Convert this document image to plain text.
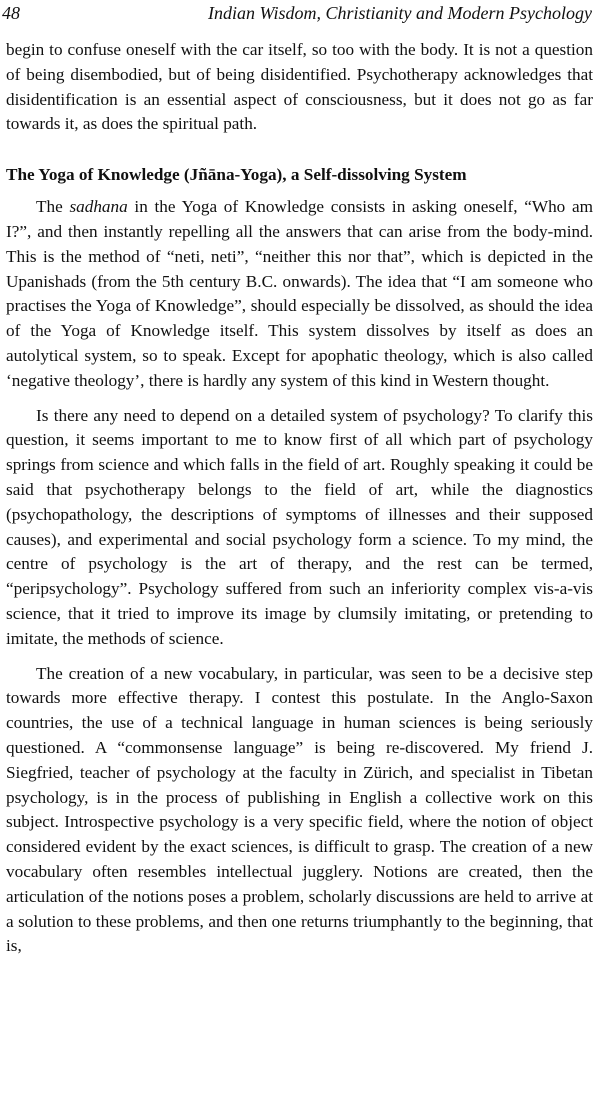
48	Indian Wisdom, Christianity and Modern Psychology

begin to confuse oneself with the car itself, so too with the body. It is not a question of being disembodied, but of being disidentified. Psychotherapy acknowledges that disidentification is an essential aspect of consciousness, but it does not go as far towards it, as does the spiritual path.

The Yoga of Knowledge (Jñāna-Yoga), a Self-dissolving System

The sadhana in the Yoga of Knowledge consists in asking oneself, “Who am I?”, and then instantly repelling all the answers that can arise from the body-mind. This is the method of “neti, neti”, “neither this nor that”, which is depicted in the Upanishads (from the 5th century B.C. onwards). The idea that “I am someone who practises the Yoga of Knowledge”, should especially be dissolved, as should the idea of the Yoga of Knowledge itself. This system dissolves by itself as does an autolytical system, so to speak. Except for apophatic theology, which is also called ‘negative theology’, there is hardly any system of this kind in Western thought.

Is there any need to depend on a detailed system of psychology? To clarify this question, it seems important to me to know first of all which part of psychology springs from science and which falls in the field of art. Roughly speaking it could be said that psychotherapy belongs to the field of art, while the diagnostics (psychopathology, the descriptions of symptoms of illnesses and their supposed causes), and experimental and social psychology form a science. To my mind, the centre of psychology is the art of therapy, and the rest can be termed, “peripsychology”. Psychology suffered from such an inferiority complex vis-a-vis science, that it tried to improve its image by clumsily imitating, or pretending to imitate, the methods of science.

The creation of a new vocabulary, in particular, was seen to be a decisive step towards more effective therapy. I contest this postulate. In the Anglo-Saxon countries, the use of a technical language in human sciences is being seriously questioned. A “commonsense language” is being re-discovered. My friend J. Siegfried, teacher of psychology at the faculty in Zürich, and specialist in Tibetan psychology, is in the process of publishing in English a collective work on this subject. Introspective psychology is a very specific field, where the notion of object considered evident by the exact sciences, is difficult to grasp. The creation of a new vocabulary often resembles intellectual jugglery. Notions are created, then the articulation of the notions poses a problem, scholarly discussions are held to arrive at a solution to these problems, and then one returns triumphantly to the beginning, that is,
